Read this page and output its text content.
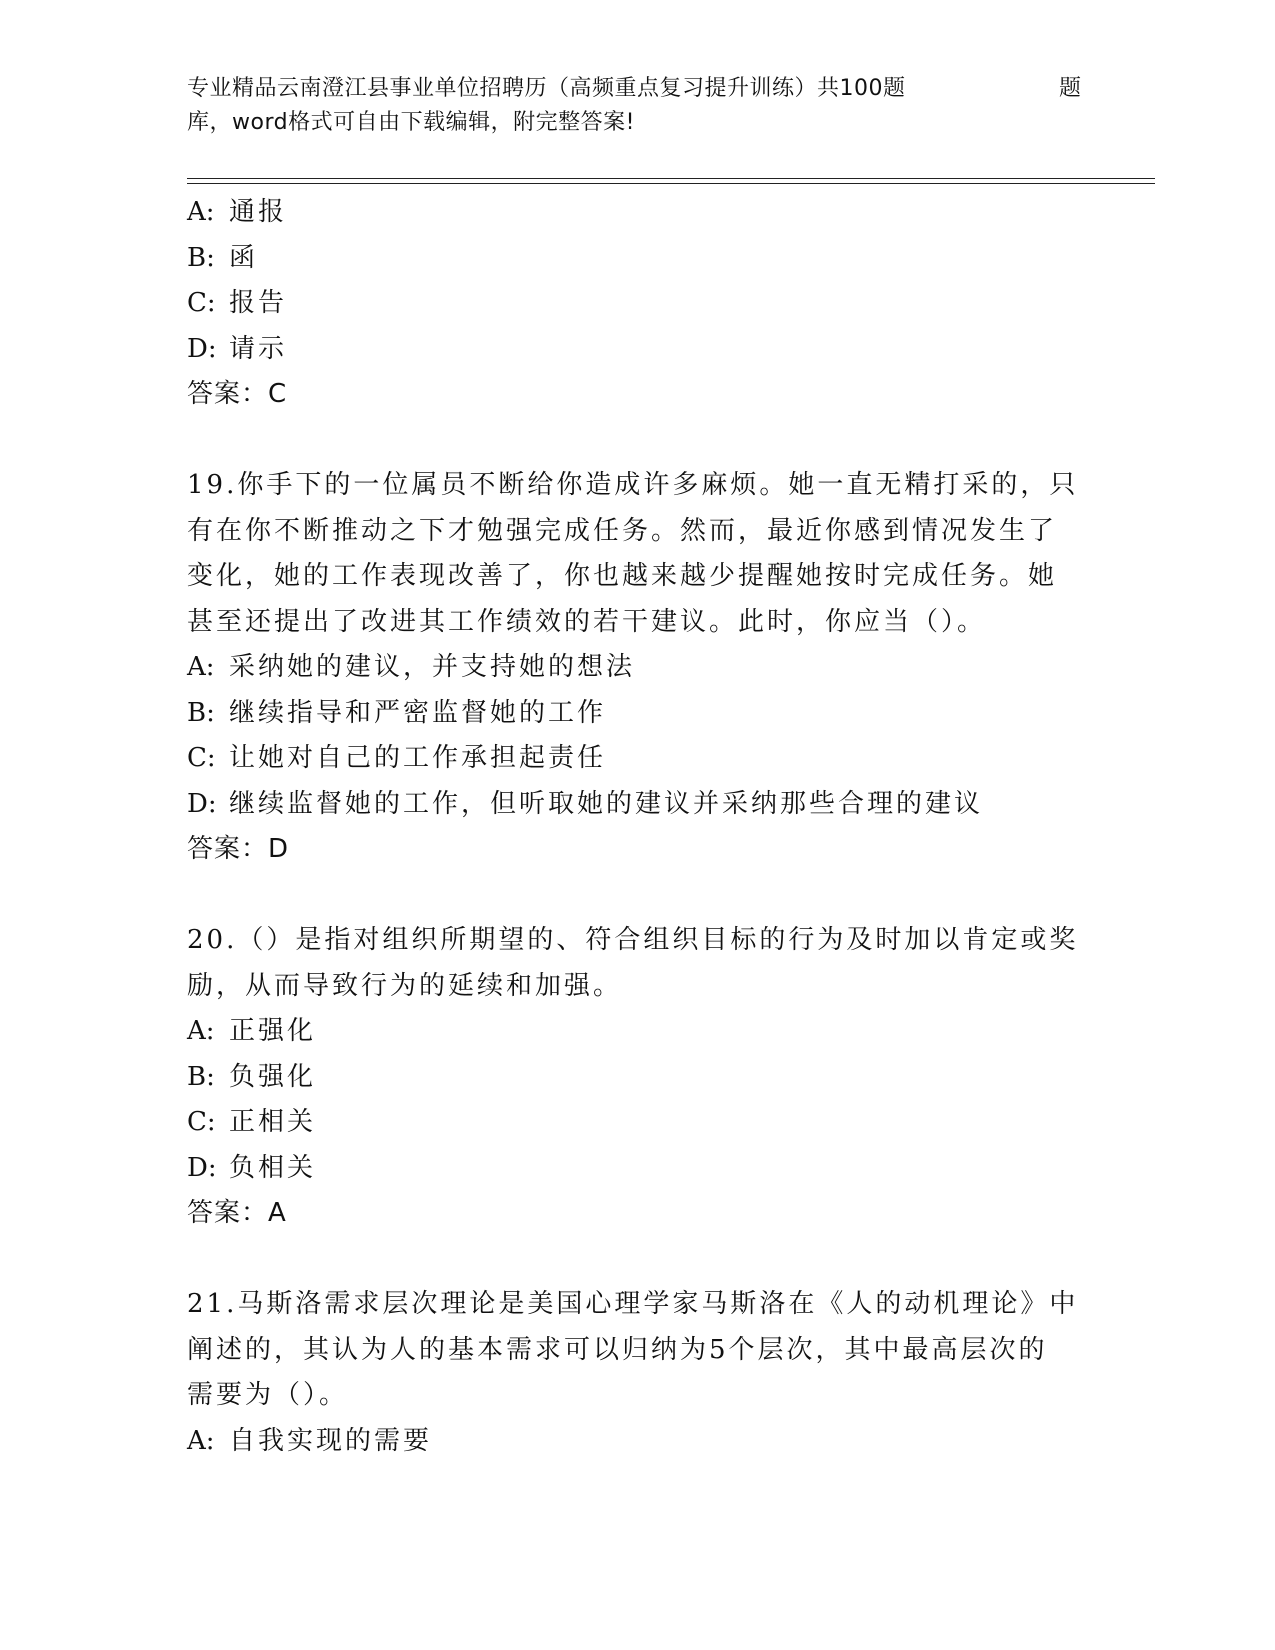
专业精品云南澄江县事业单位招聘历（高频重点复习提升训练）共100题	题
库，word格式可自由下载编辑，附完整答案!
A: 通报
B: 函
C: 报告
D: 请示
答案：C
19.你手下的一位属员不断给你造成许多麻烦。她一直无精打采的，只
有在你不断推动之下才勉强完成任务。然而，最近你感到情况发生了
变化，她的工作表现改善了，你也越来越少提醒她按时完成任务。她
甚至还提出了改进其工作绩效的若干建议。此时，你应当（）。
A: 采纳她的建议，并支持她的想法
B: 继续指导和严密监督她的工作
C: 让她对自己的工作承担起责任
D: 继续监督她的工作，但听取她的建议并采纳那些合理的建议
答案：D
20.（）是指对组织所期望的、符合组织目标的行为及时加以肯定或奖
励，从而导致行为的延续和加强。
A: 正强化
B: 负强化
C: 正相关
D: 负相关
答案：A
21.马斯洛需求层次理论是美国心理学家马斯洛在《人的动机理论》中
阐述的，其认为人的基本需求可以归纳为5个层次，其中最高层次的
需要为（）。
A: 自我实现的需要
